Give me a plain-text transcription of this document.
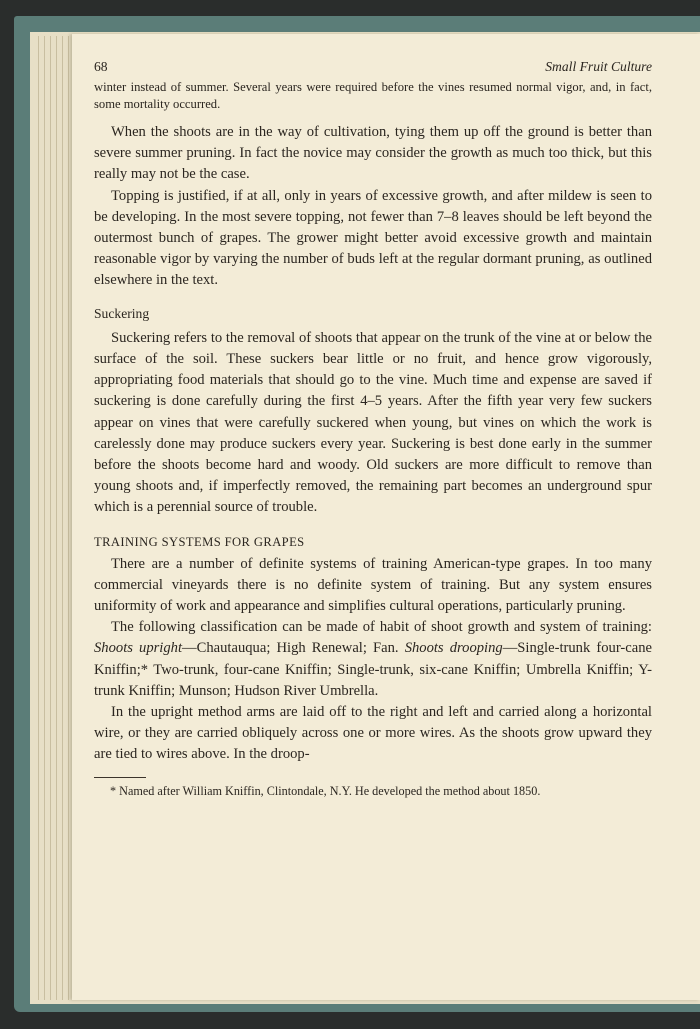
68	Small Fruit Culture

winter instead of summer. Several years were required before the vines resumed normal vigor, and, in fact, some mortality occurred.

When the shoots are in the way of cultivation, tying them up off the ground is better than severe summer pruning. In fact the novice may consider the growth as much too thick, but this really may not be the case.

Topping is justified, if at all, only in years of excessive growth, and after mildew is seen to be developing. In the most severe topping, not fewer than 7–8 leaves should be left beyond the outermost bunch of grapes. The grower might better avoid excessive growth and maintain reasonable vigor by varying the number of buds left at the regular dormant pruning, as outlined elsewhere in the text.

Suckering

Suckering refers to the removal of shoots that appear on the trunk of the vine at or below the surface of the soil. These suckers bear little or no fruit, and hence grow vigorously, appropriating food materials that should go to the vine. Much time and expense are saved if suckering is done carefully during the first 4–5 years. After the fifth year very few suckers appear on vines that were carefully suckered when young, but vines on which the work is carelessly done may produce suckers every year. Suckering is best done early in the summer before the shoots become hard and woody. Old suckers are more difficult to remove than young shoots and, if imperfectly removed, the remaining part becomes an underground spur which is a perennial source of trouble.

TRAINING SYSTEMS FOR GRAPES

There are a number of definite systems of training American-type grapes. In too many commercial vineyards there is no definite system of training. But any system ensures uniformity of work and appearance and simplifies cultural operations, particularly pruning.

The following classification can be made of habit of shoot growth and system of training: Shoots upright—Chautauqua; High Renewal; Fan. Shoots drooping—Single-trunk four-cane Kniffin;* Two-trunk, four-cane Kniffin; Single-trunk, six-cane Kniffin; Umbrella Kniffin; Y-trunk Kniffin; Munson; Hudson River Umbrella.

In the upright method arms are laid off to the right and left and carried along a horizontal wire, or they are carried obliquely across one or more wires. As the shoots grow upward they are tied to wires above. In the droop-

* Named after William Kniffin, Clintondale, N.Y. He developed the method about 1850.
